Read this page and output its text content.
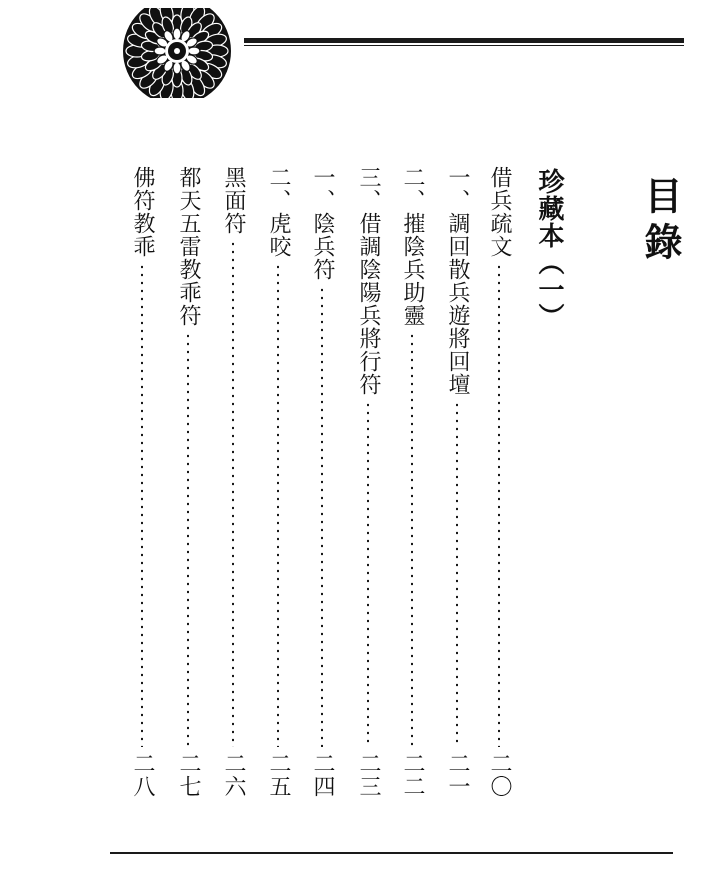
目錄
珍藏本（一）
借兵疏文
二〇
一、調回散兵遊將回壇
二一
二、摧陰兵助靈
二二
三、借調陰陽兵將行符
二三
一、陰兵符
二四
二、虎咬
二五
黑面符
二六
都天五雷教乖符
二七
佛符教乖
二八
